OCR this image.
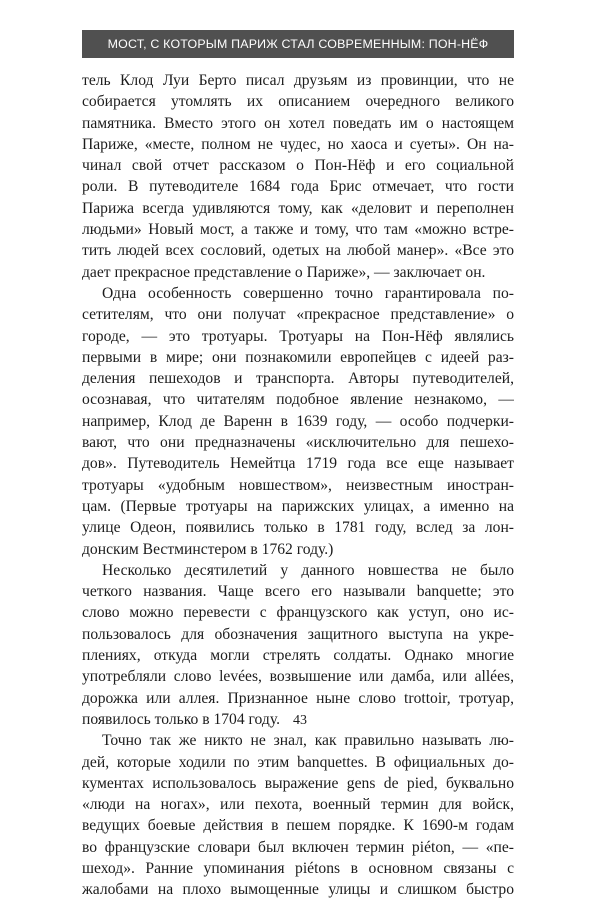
МОСТ, С КОТОРЫМ ПАРИЖ СТАЛ СОВРЕМЕННЫМ: ПОН-НЁФ
тель Клод Луи Берто писал друзьям из провинции, что не
собирается утомлять их описанием очередного великого
памятника. Вместо этого он хотел поведать им о настоящем
Париже, «месте, полном не чудес, но хаоса и суеты». Он на-
чинал свой отчет рассказом о Пон-Нёф и его социальной
роли. В путеводителе 1684 года Брис отмечает, что гости
Парижа всегда удивляются тому, как «деловит и переполнен
людьми» Новый мост, а также и тому, что там «можно встре-
тить людей всех сословий, одетых на любой манер». «Все это
дает прекрасное представление о Париже», — заключает он.
Одна особенность совершенно точно гарантировала по-
сетителям, что они получат «прекрасное представление» о
городе, — это тротуары. Тротуары на Пон-Нёф являлись
первыми в мире; они познакомили европейцев с идеей раз-
деления пешеходов и транспорта. Авторы путеводителей,
осознавая, что читателям подобное явление незнакомо, —
например, Клод де Варенн в 1639 году, — особо подчерки-
вают, что они предназначены «исключительно для пешехо-
дов». Путеводитель Немейтца 1719 года все еще называет
тротуары «удобным новшеством», неизвестным иностран-
цам. (Первые тротуары на парижских улицах, а именно на
улице Одеон, появились только в 1781 году, вслед за лон-
донским Вестминстером в 1762 году.)
Несколько десятилетий у данного новшества не было
четкого названия. Чаще всего его называли banquette; это
слово можно перевести с французского как уступ, оно ис-
пользовалось для обозначения защитного выступа на укре-
плениях, откуда могли стрелять солдаты. Однако многие
употребляли слово levées, возвышение или дамба, или allées,
дорожка или аллея. Признанное ныне слово trottoir, тротуар,
появилось только в 1704 году.
Точно так же никто не знал, как правильно называть лю-
дей, которые ходили по этим banquettes. В официальных до-
кументах использовалось выражение gens de pied, буквально
«люди на ногах», или пехота, военный термин для войск,
ведущих боевые действия в пешем порядке. К 1690-м годам
во французские словари был включен термин piéton, — «пе-
шеход». Ранние упоминания piétons в основном связаны с
жалобами на плохо вымощенные улицы и слишком быстро
43
